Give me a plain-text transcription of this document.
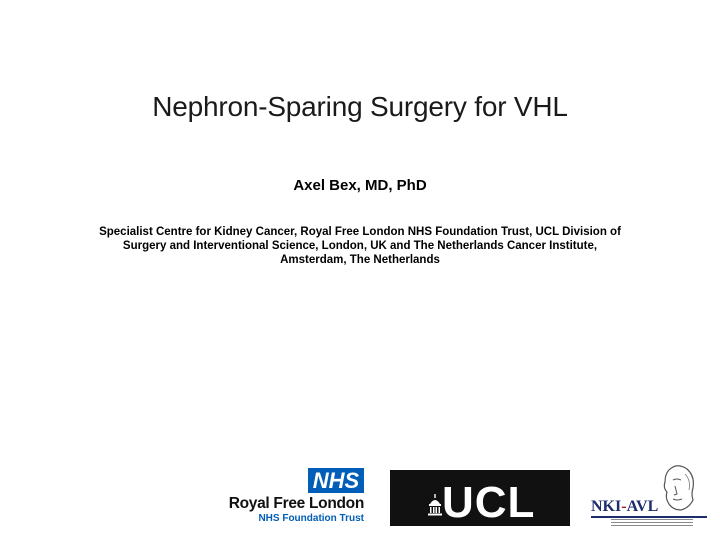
Nephron-Sparing Surgery for VHL
Axel Bex, MD, PhD
Specialist Centre for Kidney Cancer, Royal Free London NHS Foundation Trust, UCL Division of Surgery and Interventional Science, London, UK and The Netherlands Cancer Institute, Amsterdam, The Netherlands
NHS
Royal Free London
NHS Foundation Trust UCL	NKI-AVL
